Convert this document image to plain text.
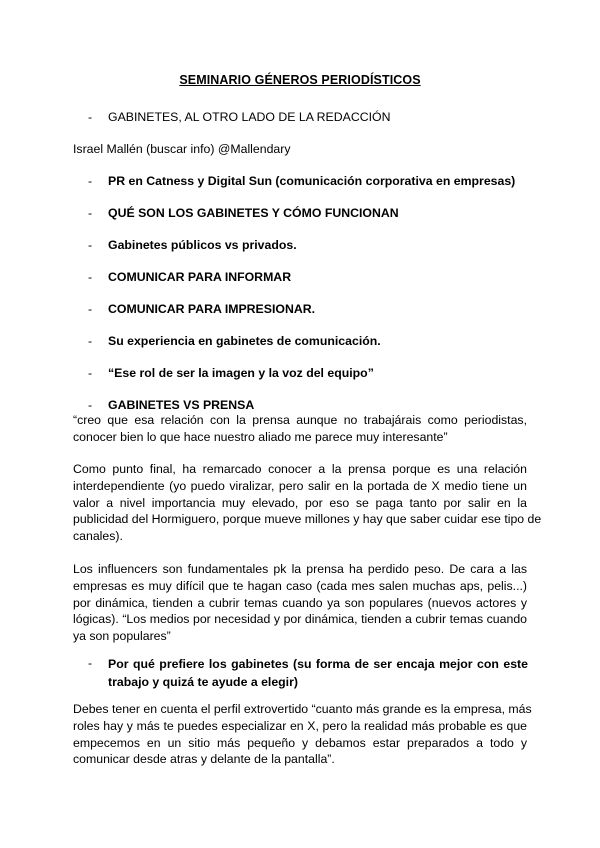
SEMINARIO GÉNEROS PERIODÍSTICOS
- GABINETES, AL OTRO LADO DE LA REDACCIÓN
Israel Mallén (buscar info) @Mallendary
- PR en Catness y Digital Sun (comunicación corporativa en empresas)
- QUÉ SON LOS GABINETES Y CÓMO FUNCIONAN
- Gabinetes públicos vs privados.
- COMUNICAR PARA INFORMAR
- COMUNICAR PARA IMPRESIONAR.
- Su experiencia en gabinetes de comunicación.
- “Ese rol de ser la imagen y la voz del equipo”
- GABINETES VS PRENSA
“creo que esa relación con la prensa aunque no trabajárais como periodistas,
conocer bien lo que hace nuestro aliado me parece muy interesante”
Como punto final, ha remarcado conocer a la prensa porque es una relación
interdependiente (yo puedo viralizar, pero salir en la portada de X medio tiene un
valor a nivel importancia muy elevado, por eso se paga tanto por salir en la
publicidad del Hormiguero, porque mueve millones y hay que saber cuidar ese tipo de
canales).
Los influencers son fundamentales pk la prensa ha perdido peso. De cara a las
empresas es muy difícil que te hagan caso (cada mes salen muchas aps, pelis...)
por dinámica, tienden a cubrir temas cuando ya son populares (nuevos actores y
lógicas). “Los medios por necesidad y por dinámica, tienden a cubrir temas cuando
ya son populares”
- Por qué prefiere los gabinetes (su forma de ser encaja mejor con este
trabajo y quizá te ayude a elegir)
Debes tener en cuenta el perfil extrovertido “cuanto más grande es la empresa, más
roles hay y más te puedes especializar en X, pero la realidad más probable es que
empecemos en un sitio más pequeño y debamos estar preparados a todo y
comunicar desde atras y delante de la pantalla”.
